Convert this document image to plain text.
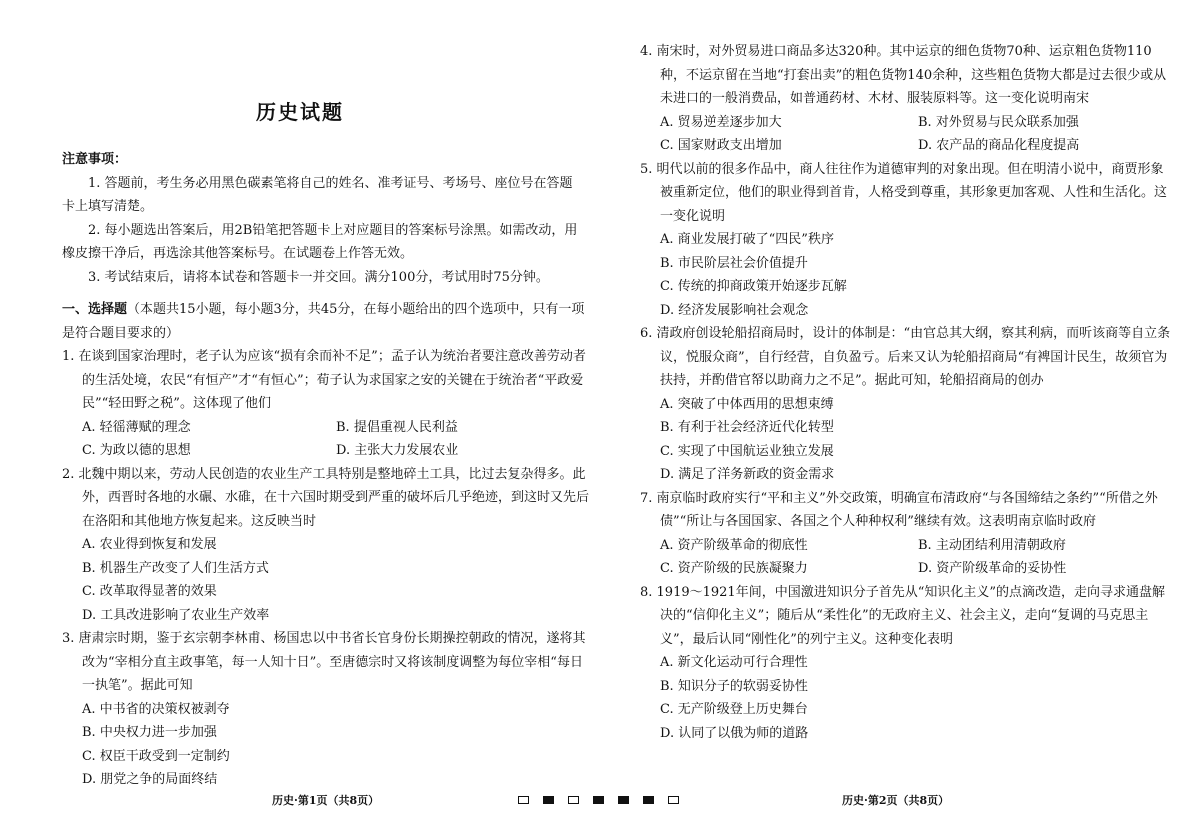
历史试题
注意事项：

1. 答题前，考生务必用黑色碳素笔将自己的姓名、准考证号、考场号、座位号在答题卡上填写清楚。

2. 每小题选出答案后，用2B铅笔把答题卡上对应题目的答案标号涂黑。如需改动，用橡皮擦干净后，再选涂其他答案标号。在试题卷上作答无效。

3. 考试结束后，请将本试卷和答题卡一并交回。满分100分，考试用时75分钟。

一、选择题（本题共15小题，每小题3分，共45分，在每小题给出的四个选项中，只有一项是符合题目要求的）

1. 在谈到国家治理时，老子认为应该“损有余而补不足”；孟子认为统治者要注意改善劳动者的生活处境，农民“有恒产”才“有恒心”；荀子认为求国家之安的关键在于统治者“平政爱民”“轻田野之税”。这体现了他们

A. 轻徭薄赋的理念	B. 提倡重视人民利益
C. 为政以德的思想	D. 主张大力发展农业

2. 北魏中期以来，劳动人民创造的农业生产工具特别是整地碎土工具，比过去复杂得多。此外，西晋时各地的水碾、水碓，在十六国时期受到严重的破坏后几乎绝迹，到这时又先后在洛阳和其他地方恢复起来。这反映当时

A. 农业得到恢复和发展

B. 机器生产改变了人们生活方式

C. 改革取得显著的效果

D. 工具改进影响了农业生产效率

3. 唐肃宗时期，鉴于玄宗朝李林甫、杨国忠以中书省长官身份长期操控朝政的情况，遂将其改为“宰相分直主政事笔，每一人知十日”。至唐德宗时又将该制度调整为每位宰相“每日一执笔”。据此可知

A. 中书省的决策权被剥夺

B. 中央权力进一步加强

C. 权臣干政受到一定制约

D. 朋党之争的局面终结

4. 南宋时，对外贸易进口商品多达320种。其中运京的细色货物70种、运京粗色货物110种，不运京留在当地“打套出卖”的粗色货物140余种，这些粗色货物大都是过去很少或从未进口的一般消费品，如普通药材、木材、服装原料等。这一变化说明南宋

A. 贸易逆差逐步加大	B. 对外贸易与民众联系加强
C. 国家财政支出增加	D. 农产品的商品化程度提高

5. 明代以前的很多作品中，商人往往作为道德审判的对象出现。但在明清小说中，商贾形象被重新定位，他们的职业得到首肯，人格受到尊重，其形象更加客观、人性和生活化。这一变化说明

A. 商业发展打破了“四民”秩序

B. 市民阶层社会价值提升

C. 传统的抑商政策开始逐步瓦解

D. 经济发展影响社会观念

6. 清政府创设轮船招商局时，设计的体制是：“由官总其大纲，察其利病，而听该商等自立条议，悦服众商”，自行经营，自负盈亏。后来又认为轮船招商局“有裨国计民生，故须官为扶持，并酌借官帑以助商力之不足”。据此可知，轮船招商局的创办

A. 突破了中体西用的思想束缚

B. 有利于社会经济近代化转型

C. 实现了中国航运业独立发展

D. 满足了洋务新政的资金需求

7. 南京临时政府实行“平和主义”外交政策，明确宣布清政府“与各国缔结之条约”“所借之外债”“所让与各国国家、各国之个人种种权利”继续有效。这表明南京临时政府

A. 资产阶级革命的彻底性	B. 主动团结利用清朝政府
C. 资产阶级的民族凝聚力	D. 资产阶级革命的妥协性

8. 1919～1921年间，中国激进知识分子首先从“知识化主义”的点滴改造，走向寻求通盘解决的“信仰化主义”；随后从“柔性化”的无政府主义、社会主义，走向“复调的马克思主义”，最后认同“刚性化”的列宁主义。这种变化表明

A. 新文化运动可行合理性

B. 知识分子的软弱妥协性

C. 无产阶级登上历史舞台

D. 认同了以俄为师的道路

历史·第1页（共8页）	历史·第2页（共8页）
